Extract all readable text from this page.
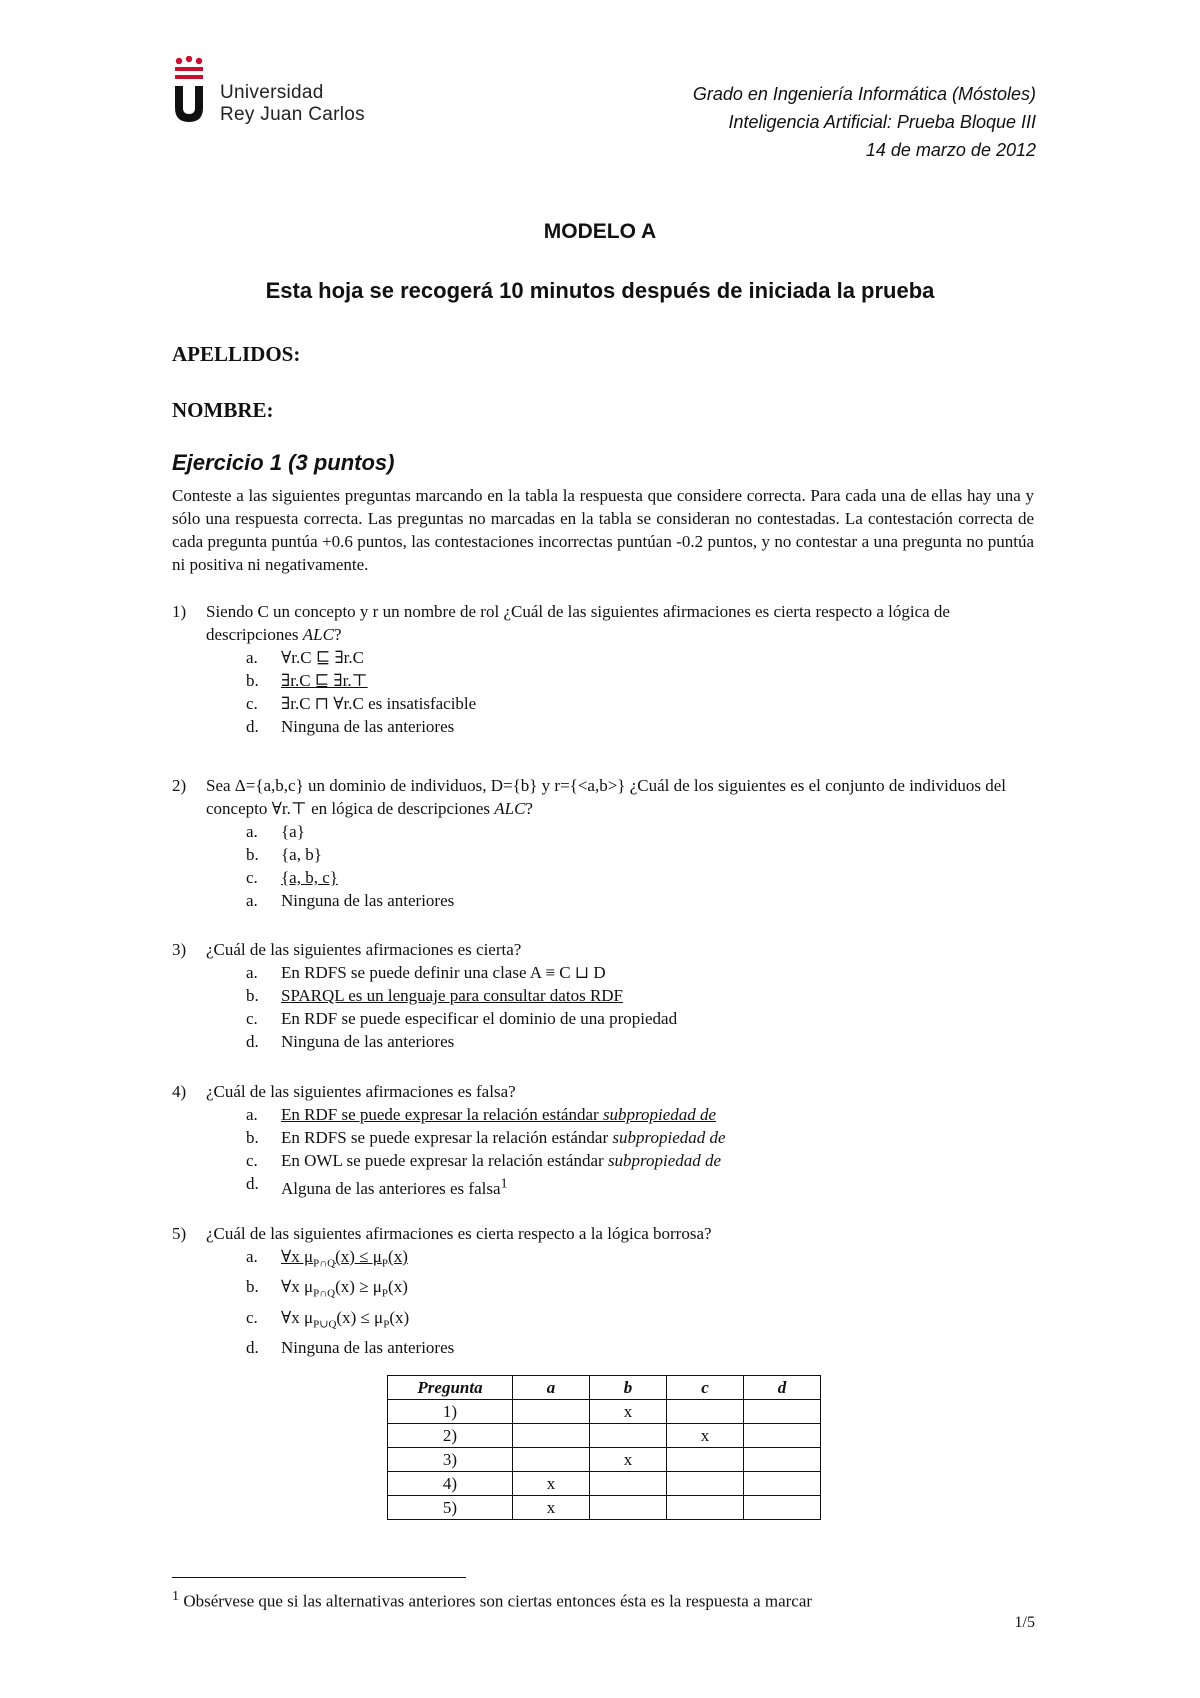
Universidad
Rey Juan Carlos
Grado en Ingeniería Informática (Móstoles)
Inteligencia Artificial: Prueba Bloque III
14 de marzo de 2012
MODELO A
Esta hoja se recogerá 10 minutos después de iniciada la prueba
APELLIDOS:
NOMBRE:
Ejercicio 1 (3 puntos)
Conteste a las siguientes preguntas marcando en la tabla la respuesta que considere correcta. Para cada una de ellas hay una y sólo una respuesta correcta. Las preguntas no marcadas en la tabla se consideran no contestadas. La contestación correcta de cada pregunta puntúa +0.6 puntos, las contestaciones incorrectas puntúan -0.2 puntos, y no contestar a una pregunta no puntúa ni positiva ni negativamente.
1) Siendo C un concepto y r un nombre de rol ¿Cuál de las siguientes afirmaciones es cierta respecto a lógica de descripciones ALC?
a. ∀r.C ⊑ ∃r.C
b. ∃r.C ⊑ ∃r.⊤
c. ∃r.C ⊓ ∀r.C es insatisfacible
d. Ninguna de las anteriores
2) Sea Δ={a,b,c} un dominio de individuos, D={b} y r={<a,b>} ¿Cuál de los siguientes es el conjunto de individuos del concepto ∀r.⊤ en lógica de descripciones ALC?
a. {a}
b. {a, b}
c. {a, b, c}
a. Ninguna de las anteriores
3) ¿Cuál de las siguientes afirmaciones es cierta?
a. En RDFS se puede definir una clase A ≡ C ⊔ D
b. SPARQL es un lenguaje para consultar datos RDF
c. En RDF se puede especificar el dominio de una propiedad
d. Ninguna de las anteriores
4) ¿Cuál de las siguientes afirmaciones es falsa?
a. En RDF se puede expresar la relación estándar subpropiedad de
b. En RDFS se puede expresar la relación estándar subpropiedad de
c. En OWL se puede expresar la relación estándar subpropiedad de
d. Alguna de las anteriores es falsa$^1$
5) ¿Cuál de las siguientes afirmaciones es cierta respecto a la lógica borrosa?
a. ∀x $\mu_{P\cap Q}(x) \le \mu_P(x)$
b. ∀x $\mu_{P\cap Q}(x) \ge \mu_P(x)$
c. ∀x $\mu_{P\cup Q}(x) \le \mu_P(x)$
d. Ninguna de las anteriores
Pregunta	a	b	c	d
1)		x		
2)			x	
3)		x		
4)	x			
5)	x			
$^1$ Obsérvese que si las alternativas anteriores son ciertas entonces ésta es la respuesta a marcar
1/5
